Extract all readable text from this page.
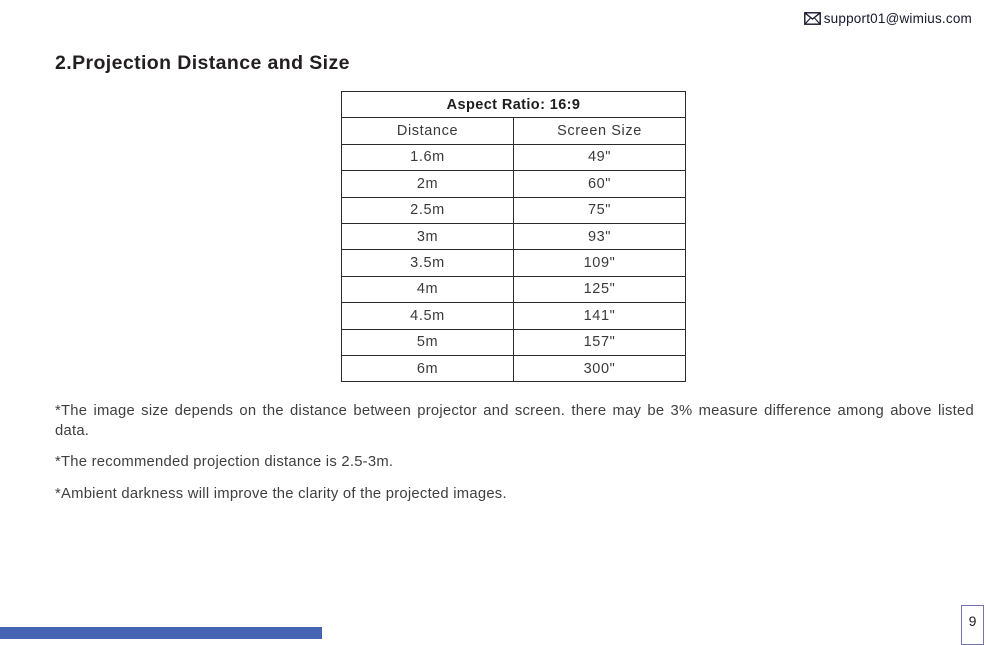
support01@wimius.com
2.Projection Distance and Size
Aspect Ratio: 16:9	
Distance	Screen Size
1.6m	49"
2m	60"
2.5m	75"
3m	93"
3.5m	109"
4m	125"
4.5m	141"
5m	157"
6m	300"

*The image size depends on the distance between projector and screen. there may be 3% measure difference among above listed data.

*The recommended projection distance is 2.5-3m.

*Ambient darkness will improve the clarity of the projected images.

9
